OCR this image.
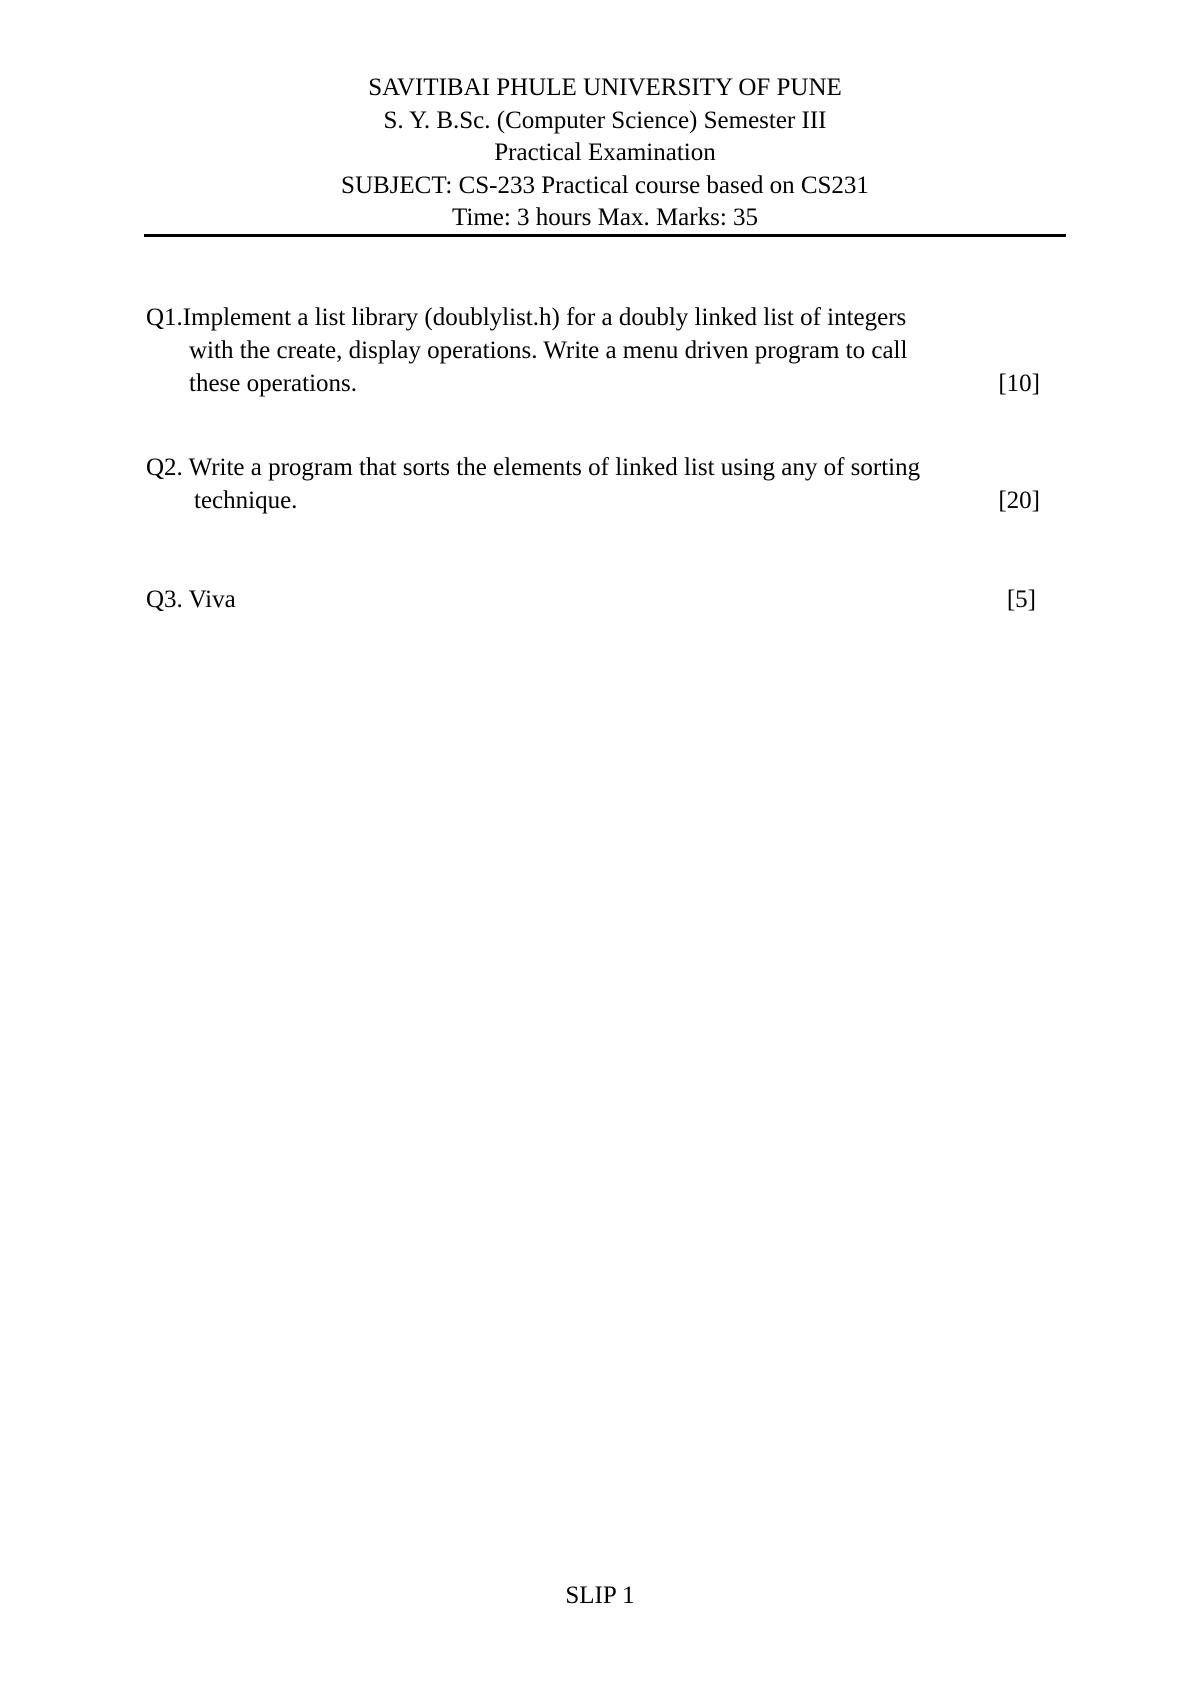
SAVITIBAI PHULE UNIVERSITY OF PUNE
S. Y. B.Sc. (Computer Science) Semester III
Practical Examination
SUBJECT: CS-233 Practical course based on CS231
Time: 3 hours Max. Marks: 35
Q1.Implement a list library (doublylist.h) for a doubly linked list of integers
with the create, display operations. Write a menu driven program to call
these operations.	[10]
Q2. Write a program that sorts the elements of linked list using any of sorting
technique.	[20]
Q3. Viva	[5]
SLIP 1
